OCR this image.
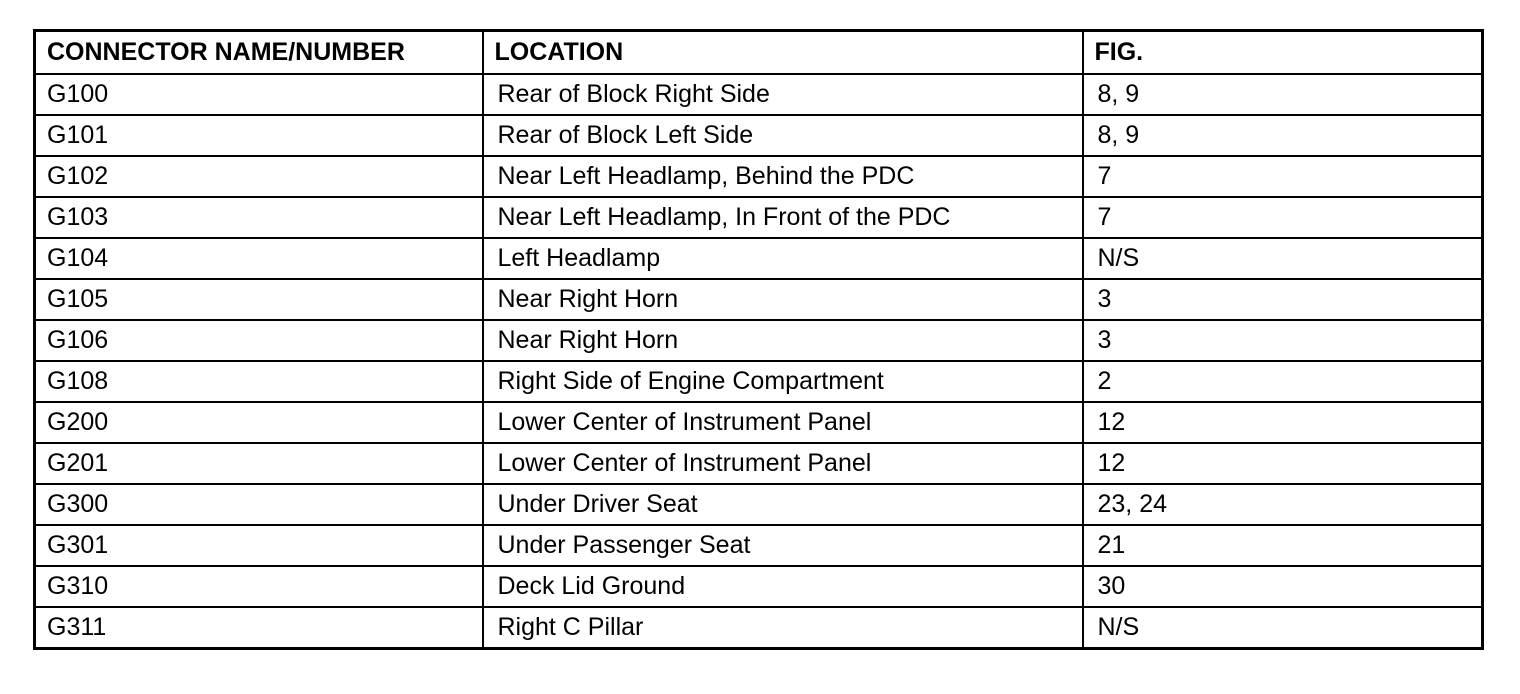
CONNECTOR NAME/NUMBER	LOCATION	FIG.
G100	Rear of Block Right Side	8, 9
G101	Rear of Block Left Side	8, 9
G102	Near Left Headlamp, Behind the PDC	7
G103	Near Left Headlamp, In Front of the PDC	7
G104	Left Headlamp	N/S
G105	Near Right Horn	3
G106	Near Right Horn	3
G108	Right Side of Engine Compartment	2
G200	Lower Center of Instrument Panel	12
G201	Lower Center of Instrument Panel	12
G300	Under Driver Seat	23, 24
G301	Under Passenger Seat	21
G310	Deck Lid Ground	30
G311	Right C Pillar	N/S
